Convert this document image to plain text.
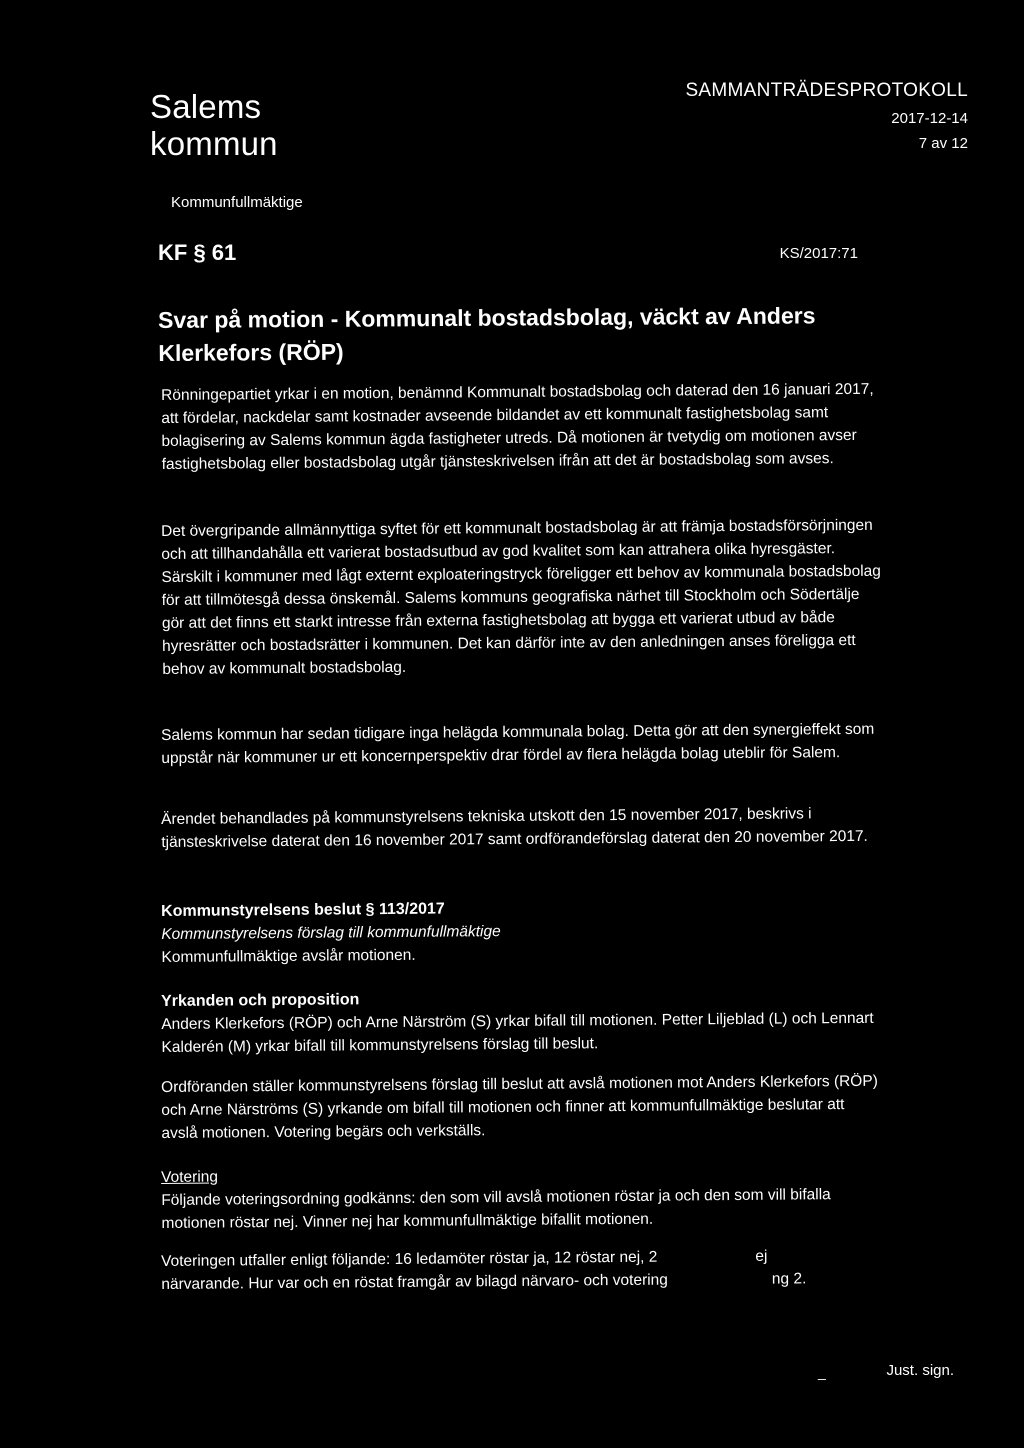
Salems
kommun
SAMMANTRÄDESPROTOKOLL
2017-12-14
7 av 12
Kommunfullmäktige
KF § 61	KS/2017:71
Svar på motion - Kommunalt bostadsbolag, väckt av Anders Klerkefors (RÖP)

Rönningepartiet yrkar i en motion, benämnd Kommunalt bostadsbolag och daterad den 16 januari 2017, att fördelar, nackdelar samt kostnader avseende bildandet av ett kommunalt fastighetsbolag samt bolagisering av Salems kommun ägda fastigheter utreds. Då motionen är tvetydig om motionen avser fastighetsbolag eller bostadsbolag utgår tjänsteskrivelsen ifrån att det är bostadsbolag som avses.

Det övergripande allmännyttiga syftet för ett kommunalt bostadsbolag är att främja bostadsförsörjningen och att tillhandahålla ett varierat bostadsutbud av god kvalitet som kan attrahera olika hyresgäster. Särskilt i kommuner med lågt externt exploateringstryck föreligger ett behov av kommunala bostadsbolag för att tillmötesgå dessa önskemål. Salems kommuns geografiska närhet till Stockholm och Södertälje gör att det finns ett starkt intresse från externa fastighetsbolag att bygga ett varierat utbud av både hyresrätter och bostadsrätter i kommunen. Det kan därför inte av den anledningen anses föreligga ett behov av kommunalt bostadsbolag.

Salems kommun har sedan tidigare inga helägda kommunala bolag. Detta gör att den synergieffekt som uppstår när kommuner ur ett koncernperspektiv drar fördel av flera helägda bolag uteblir för Salem.

Ärendet behandlades på kommunstyrelsens tekniska utskott den 15 november 2017, beskrivs i tjänsteskrivelse daterat den 16 november 2017 samt ordförandeförslag daterat den 20 november 2017.

Kommunstyrelsens beslut § 113/2017

Kommunstyrelsens förslag till kommunfullmäktige

Kommunfullmäktige avslår motionen.

Yrkanden och proposition

Anders Klerkefors (RÖP) och Arne Närström (S) yrkar bifall till motionen. Petter Liljeblad (L) och Lennart Kalderén (M) yrkar bifall till kommunstyrelsens förslag till beslut.

Ordföranden ställer kommunstyrelsens förslag till beslut att avslå motionen mot Anders Klerkefors (RÖP) och Arne Närströms (S) yrkande om bifall till motionen och finner att kommunfullmäktige beslutar att avslå motionen. Votering begärs och verkställs.

Votering

Följande voteringsordning godkänns: den som vill avslå motionen röstar ja och den som vill bifalla motionen röstar nej. Vinner nej har kommunfullmäktige bifallit motionen.

Voteringen utfaller enligt följande: 16 ledamöter röstar ja, 12 röstar nej, 2	ej

närvarande. Hur var och en röstat framgår av bilagd närvaro- och votering	ng 2.

_	Just. sign.
